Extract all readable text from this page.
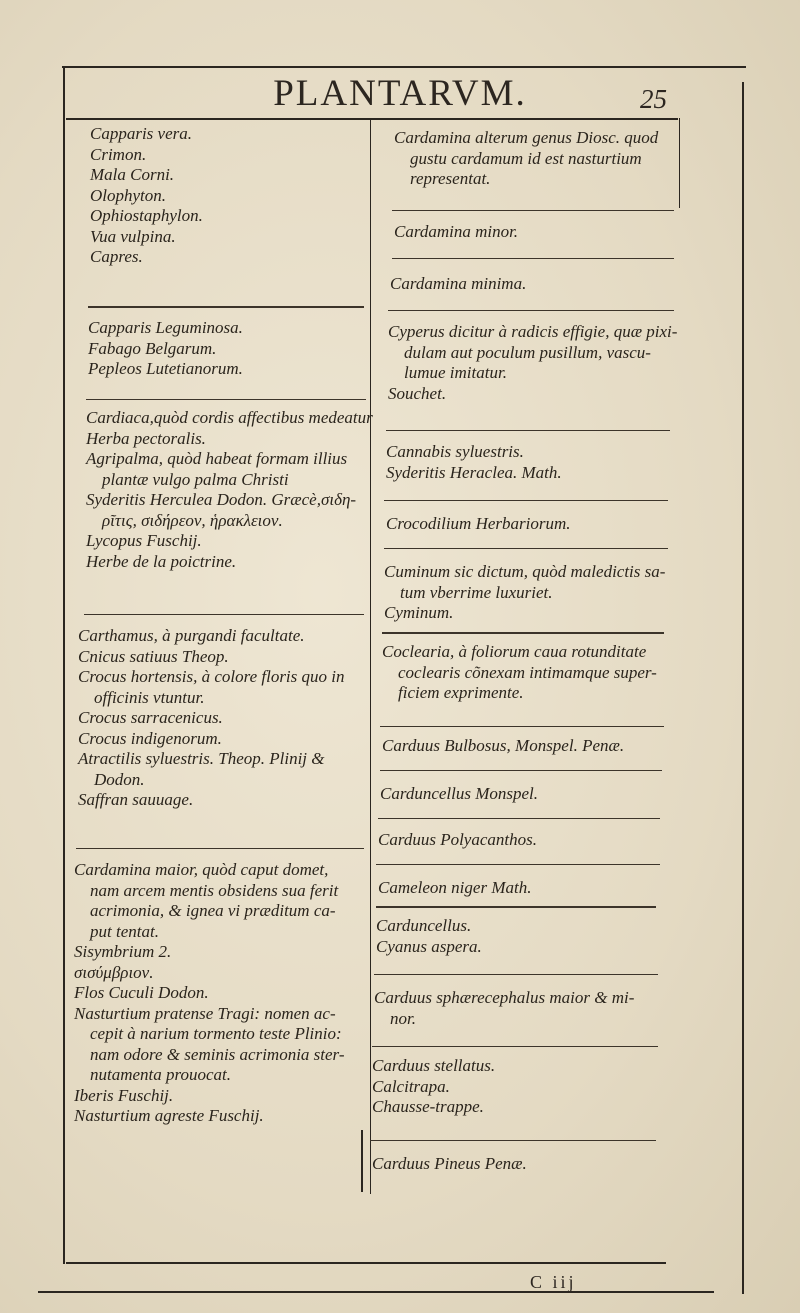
PLANTARVM.	25
Capparis vera.
Crimon.
Mala Corni.
Olophyton.
Ophiostaphylon.
Vua vulpina.
Capres.
Capparis Leguminosa.
Fabago Belgarum.
Pepleos Lutetianorum.
Cardiaca,quòd cordis affectibus medeatur
Herba pectoralis.
Agripalma, quòd habeat formam illius
plantæ vulgo palma Christi
Syderitis Herculea Dodon. Græcè,σιδη-
ρῖτις, σιδήρεον, ἡρακλειον.
Lycopus Fuschij.
Herbe de la poictrine.
Carthamus, à purgandi facultate.
Cnicus satiuus Theop.
Crocus hortensis, à colore floris quo in
officinis vtuntur.
Crocus sarracenicus.
Crocus indigenorum.
Atractilis syluestris. Theop. Plinij &
Dodon.
Saffran sauuage.
Cardamina maior, quòd caput domet,
nam arcem mentis obsidens sua ferit
acrimonia, & ignea vi præditum ca-
put tentat.
Sisymbrium 2.
σισύμβριον.
Flos Cuculi Dodon.
Nasturtium pratense Tragi: nomen ac-
cepit à narium tormento teste Plinio:
nam odore & seminis acrimonia ster-
nutamenta prouocat.
Iberis Fuschij.
Nasturtium agreste Fuschij.
Cardamina alterum genus Diosc. quod
gustu cardamum id est nasturtium
representat.
Cardamina minor.
Cardamina minima.
Cyperus dicitur à radicis effigie, quæ pixi-
dulam aut poculum pusillum, vascu-
lumue imitatur.
Souchet.
Cannabis syluestris.
Syderitis Heraclea. Math.
Crocodilium Herbariorum.
Cuminum sic dictum, quòd maledictis sa-
tum vberrime luxuriet.
Cyminum.
Coclearia, à foliorum caua rotunditate
coclearis cõnexam intimamque super-
ficiem exprimente.
Carduus Bulbosus, Monspel. Penæ.
Carduncellus Monspel.
Carduus Polyacanthos.
Cameleon niger Math.
Carduncellus.
Cyanus aspera.
Carduus sphærecephalus maior & mi-
nor.
Carduus stellatus.
Calcitrapa.
Chausse-trappe.
Carduus Pineus Penæ.
C iij
